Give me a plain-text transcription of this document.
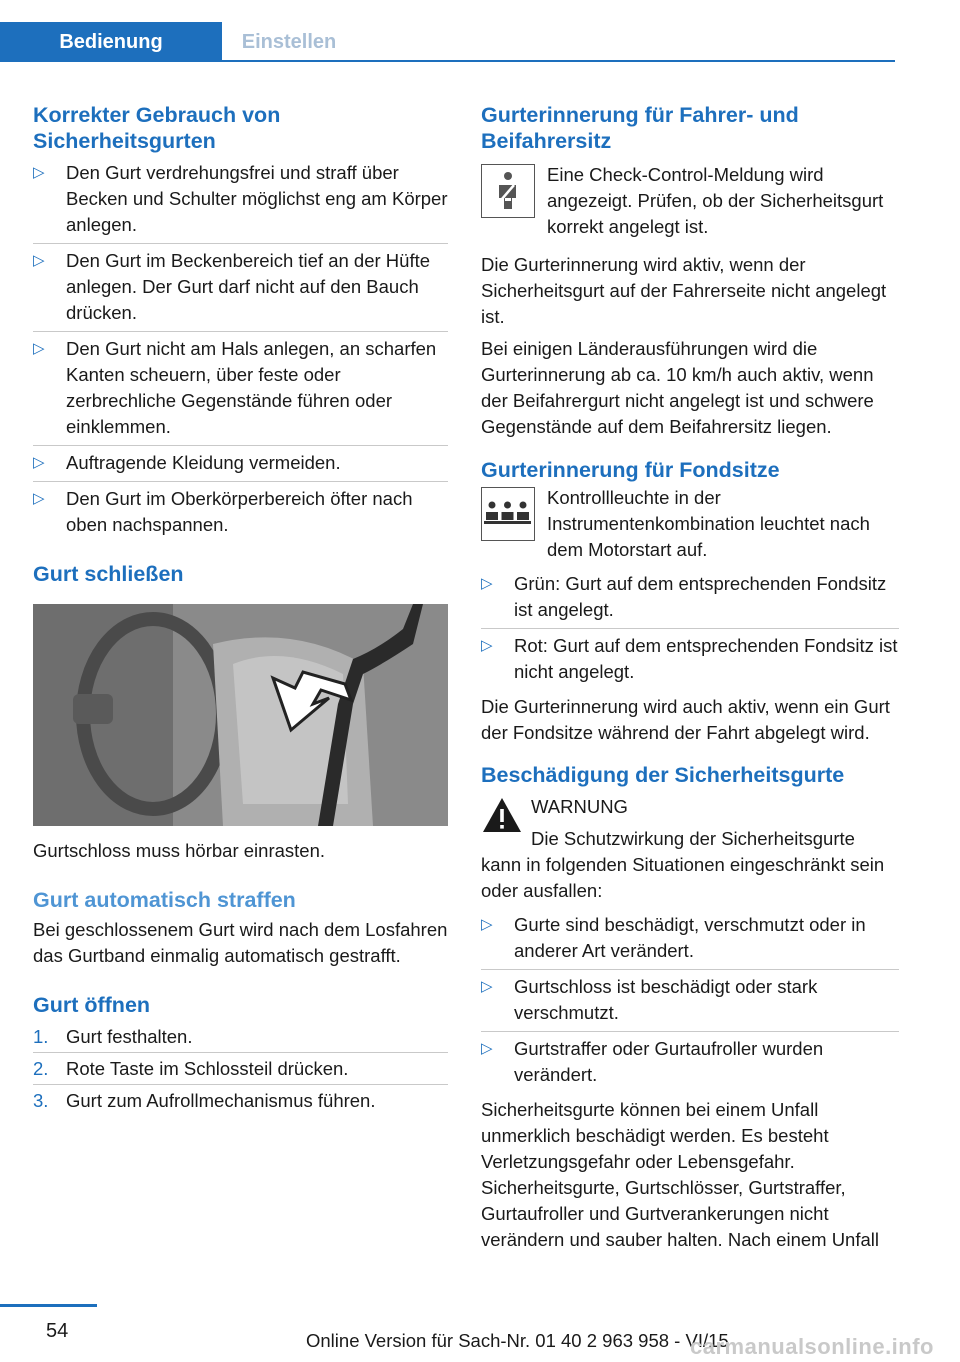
Bedienung	Einstellen
Korrekter Gebrauch von Sicherheitsgurten
▷ Den Gurt verdrehungsfrei und straff über Becken und Schulter möglichst eng am Körper anlegen.
▷ Den Gurt im Beckenbereich tief an der Hüfte anlegen. Der Gurt darf nicht auf den Bauch drücken.
▷ Den Gurt nicht am Hals anlegen, an scharfen Kanten scheuern, über feste oder zerbrechliche Gegenstände führen oder einklemmen.
▷ Auftragende Kleidung vermeiden.
▷ Den Gurt im Oberkörperbereich öfter nach oben nachspannen.
Gurt schließen

Gurtschloss muss hörbar einrasten.

Gurt automatisch straffen

Bei geschlossenem Gurt wird nach dem Losfahren das Gurtband einmalig automatisch gestrafft.

Gurt öffnen
1. Gurt festhalten.
2. Rote Taste im Schlossteil drücken.
3. Gurt zum Aufrollmechanismus führen.
Gurterinnerung für Fahrer- und Beifahrersitz

Eine Check-Control-Meldung wird angezeigt. Prüfen, ob der Sicherheitsgurt korrekt angelegt ist.

Die Gurterinnerung wird aktiv, wenn der Sicherheitsgurt auf der Fahrerseite nicht angelegt ist.

Bei einigen Länderausführungen wird die Gurterinnerung ab ca. 10 km/h auch aktiv, wenn der Beifahrergurt nicht angelegt ist und schwere Gegenstände auf dem Beifahrersitz liegen.

Gurterinnerung für Fondsitze

Kontrollleuchte in der Instrumentenkombination leuchtet nach dem Motorstart auf.

▷ Grün: Gurt auf dem entsprechenden Fondsitz ist angelegt.
▷ Rot: Gurt auf dem entsprechenden Fondsitz ist nicht angelegt.

Die Gurterinnerung wird auch aktiv, wenn ein Gurt der Fondsitze während der Fahrt abgelegt wird.

Beschädigung der Sicherheitsgurte

WARNUNG

Die Schutzwirkung der Sicherheitsgurte kann in folgenden Situationen eingeschränkt sein oder ausfallen:

▷ Gurte sind beschädigt, verschmutzt oder in anderer Art verändert.
▷ Gurtschloss ist beschädigt oder stark verschmutzt.
▷ Gurtstraffer oder Gurtaufroller wurden verändert.

Sicherheitsgurte können bei einem Unfall unmerklich beschädigt werden. Es besteht Verletzungsgefahr oder Lebensgefahr. Sicherheitsgurte, Gurtschlösser, Gurtstraffer, Gurtaufroller und Gurtverankerungen nicht verändern und sauber halten. Nach einem Unfall

54	Online Version für Sach-Nr. 01 40 2 963 958 - VI/15
carmanualsonline.info
